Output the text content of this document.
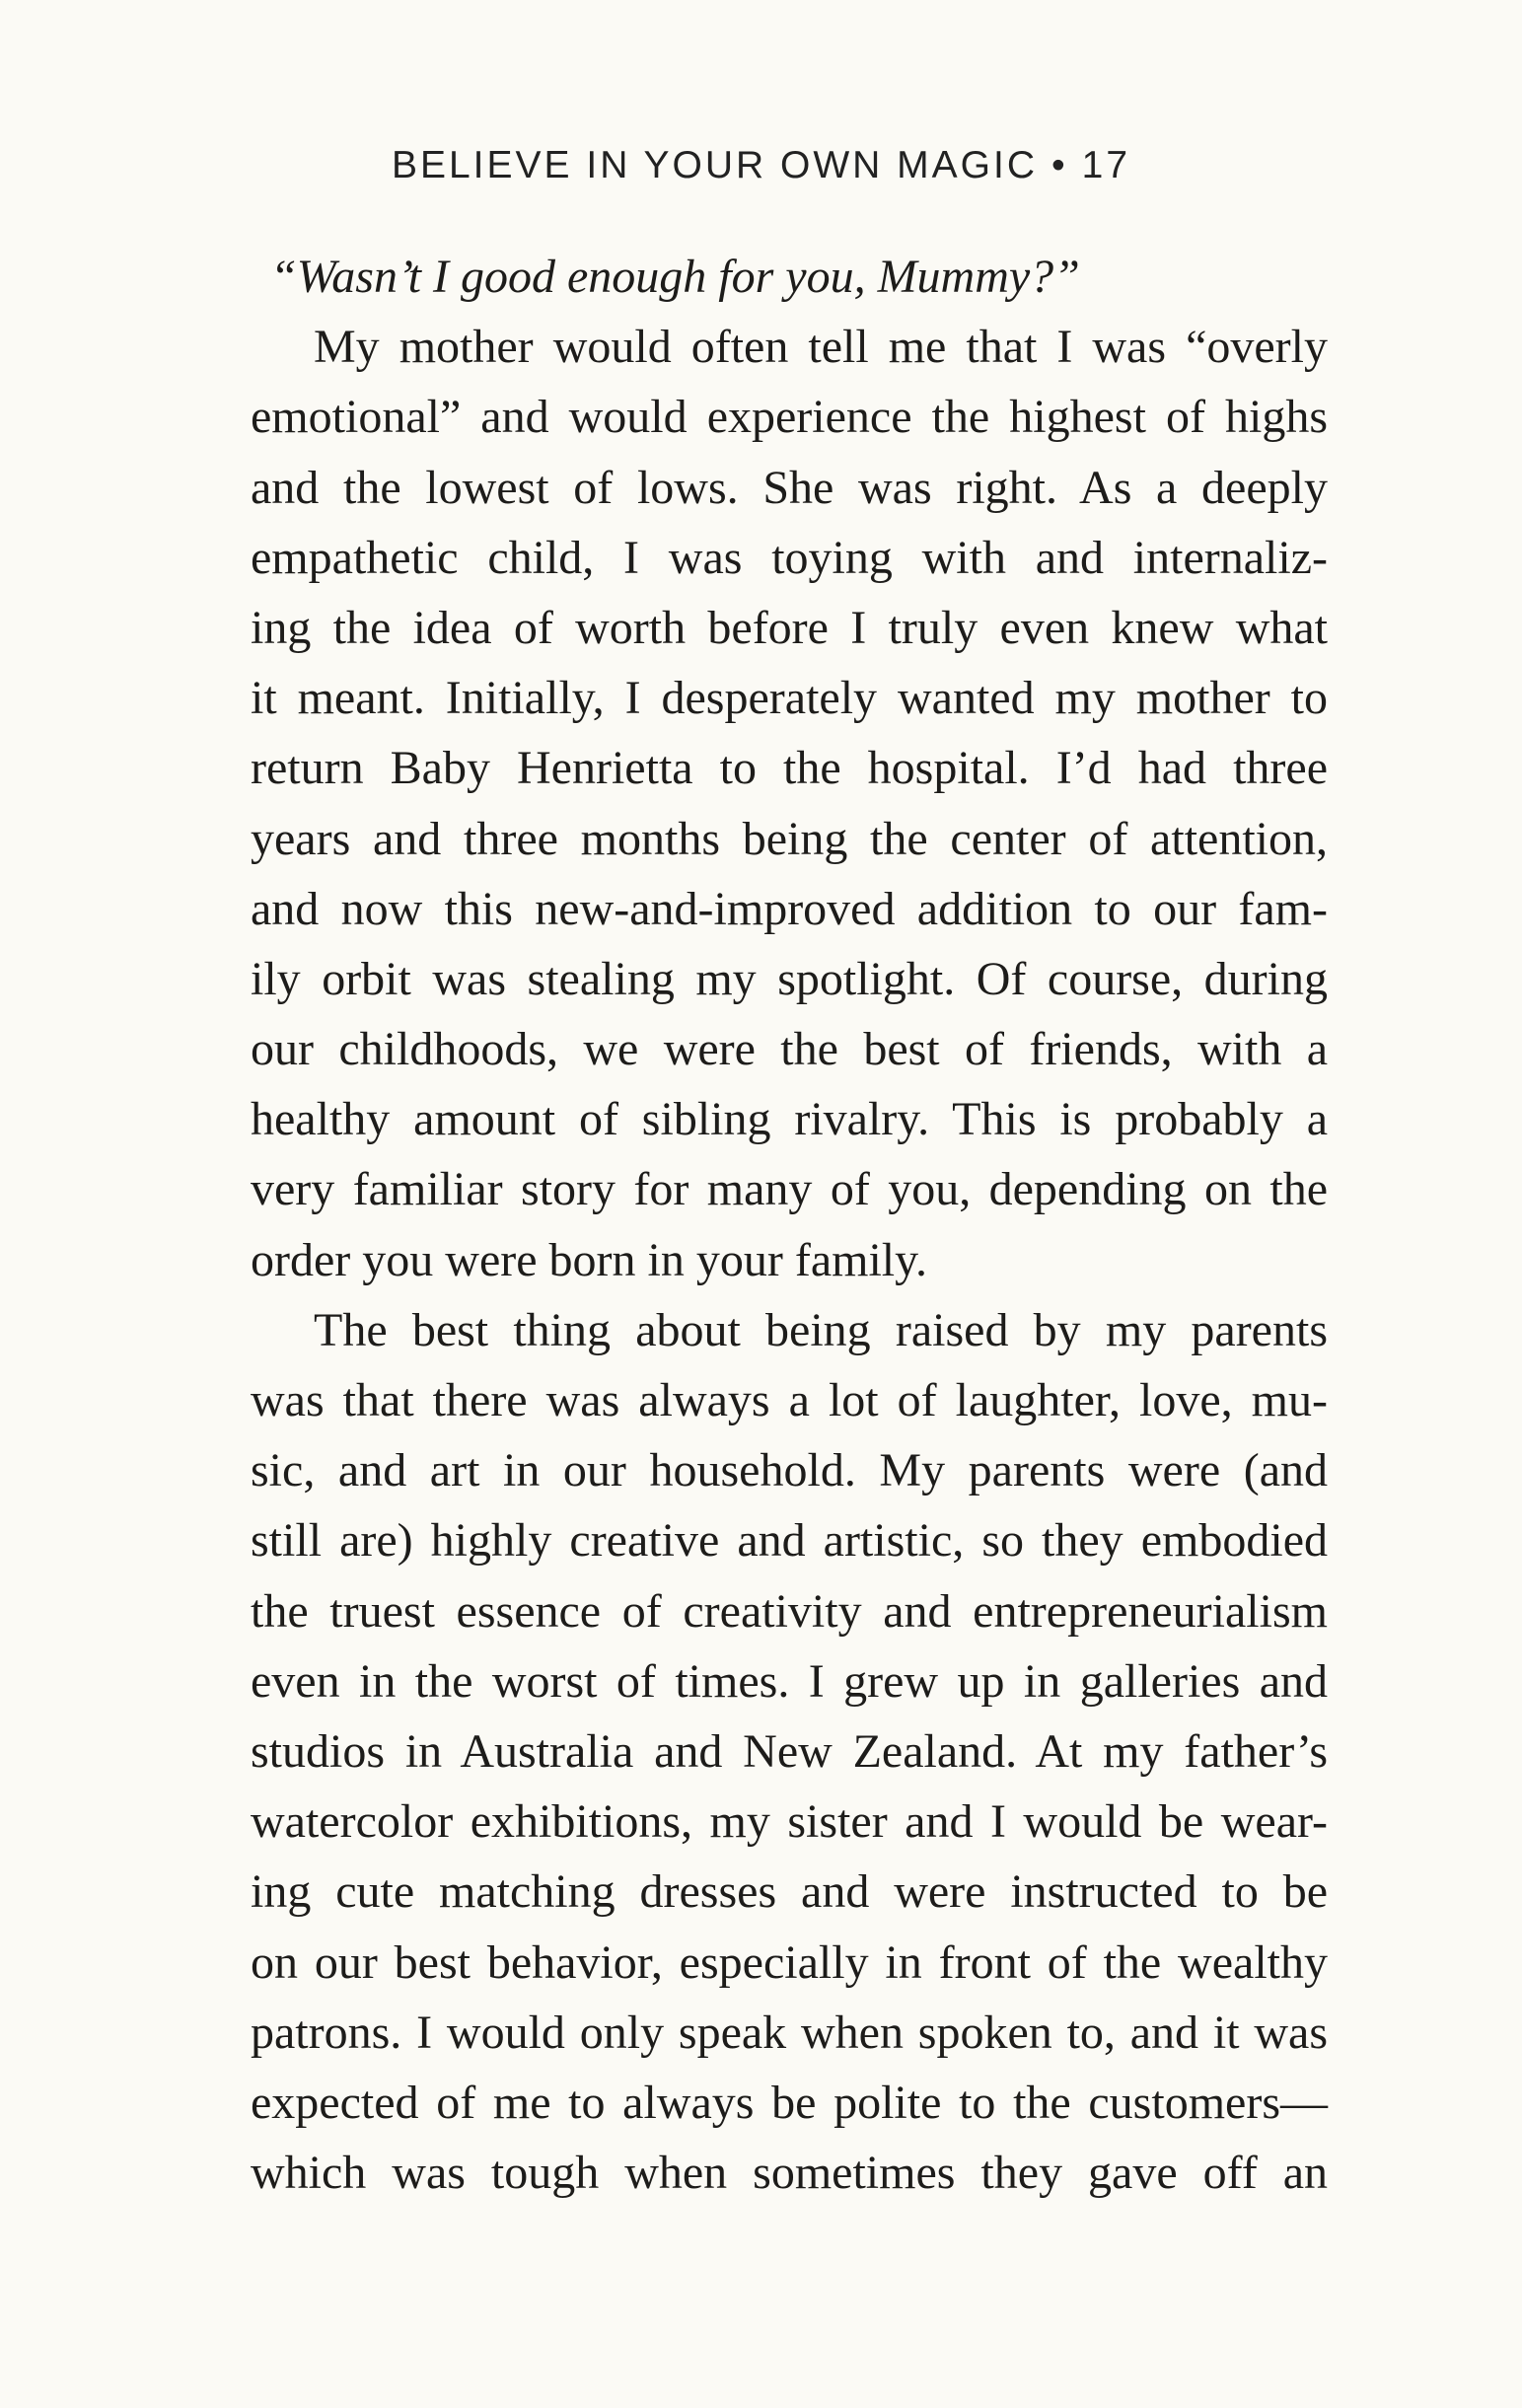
BELIEVE IN YOUR OWN MAGIC • 17
“Wasn’t I good enough for you, Mummy?”
My mother would often tell me that I was “overly
emotional” and would experience the highest of highs
and the lowest of lows. She was right. As a deeply
empathetic child, I was toying with and internaliz-
ing the idea of worth before I truly even knew what
it meant. Initially, I desperately wanted my mother to
return Baby Henrietta to the hospital. I’d had three
years and three months being the center of attention,
and now this new-and-improved addition to our fam-
ily orbit was stealing my spotlight. Of course, during
our childhoods, we were the best of friends, with a
healthy amount of sibling rivalry. This is probably a
very familiar story for many of you, depending on the
order you were born in your family.
The best thing about being raised by my parents
was that there was always a lot of laughter, love, mu-
sic, and art in our household. My parents were (and
still are) highly creative and artistic, so they embodied
the truest essence of creativity and entrepreneurialism
even in the worst of times. I grew up in galleries and
studios in Australia and New Zealand. At my father’s
watercolor exhibitions, my sister and I would be wear-
ing cute matching dresses and were instructed to be
on our best behavior, especially in front of the wealthy
patrons. I would only speak when spoken to, and it was
expected of me to always be polite to the customers—
which was tough when sometimes they gave off an
